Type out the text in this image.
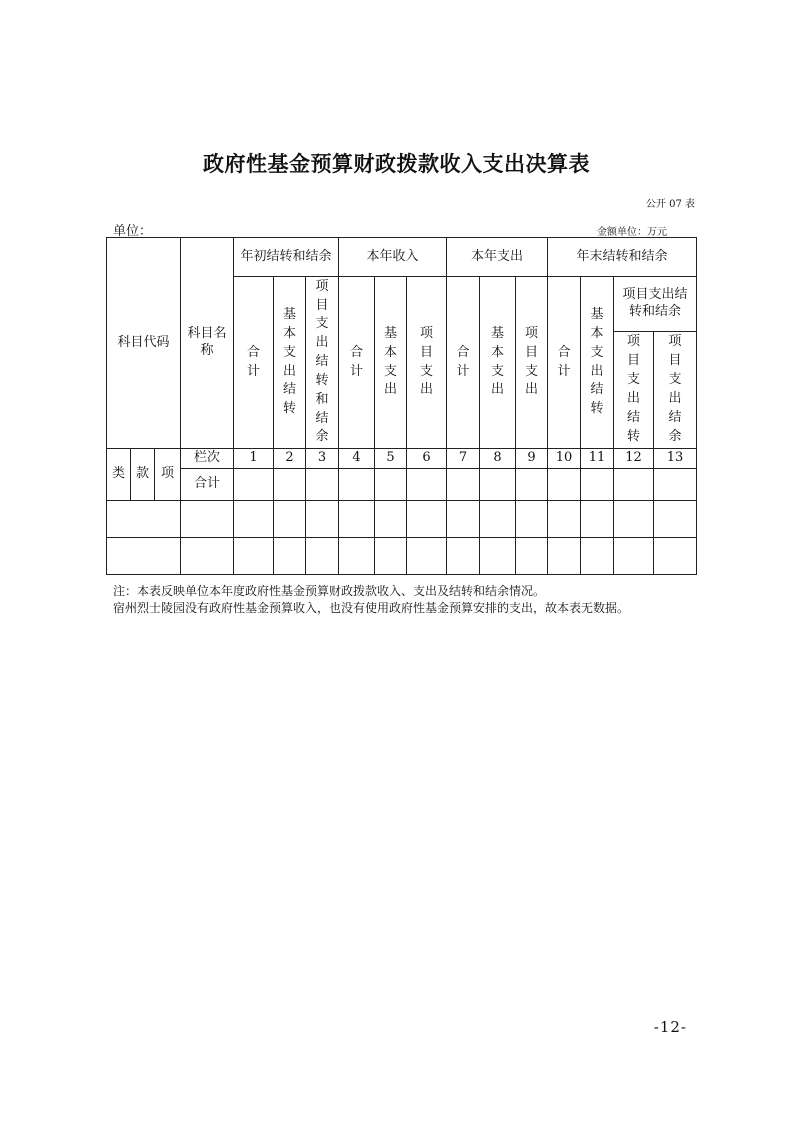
政府性基金预算财政拨款收入支出决算表
公开 07 表
单位：	金额单位：万元
科目代码			科目名称	年初结转和结余			本年收入			本年支出			年末结转和结余			
				合计	基本支出结转	项目支出结转和结余	合计	基本支出	项目支出	合计	基本支出	项目支出	合计	基本支出结转	项目支出结转和结余	
															项目支出结转	项目支出结余
类	款	项	栏次	1	2	3	4	5	6	7	8	9	10	11	12	13
			合计													

注：本表反映单位本年度政府性基金预算财政拨款收入、支出及结转和结余情况。
宿州烈士陵园没有政府性基金预算收入，也没有使用政府性基金预算安排的支出，故本表无数据。
-12-
